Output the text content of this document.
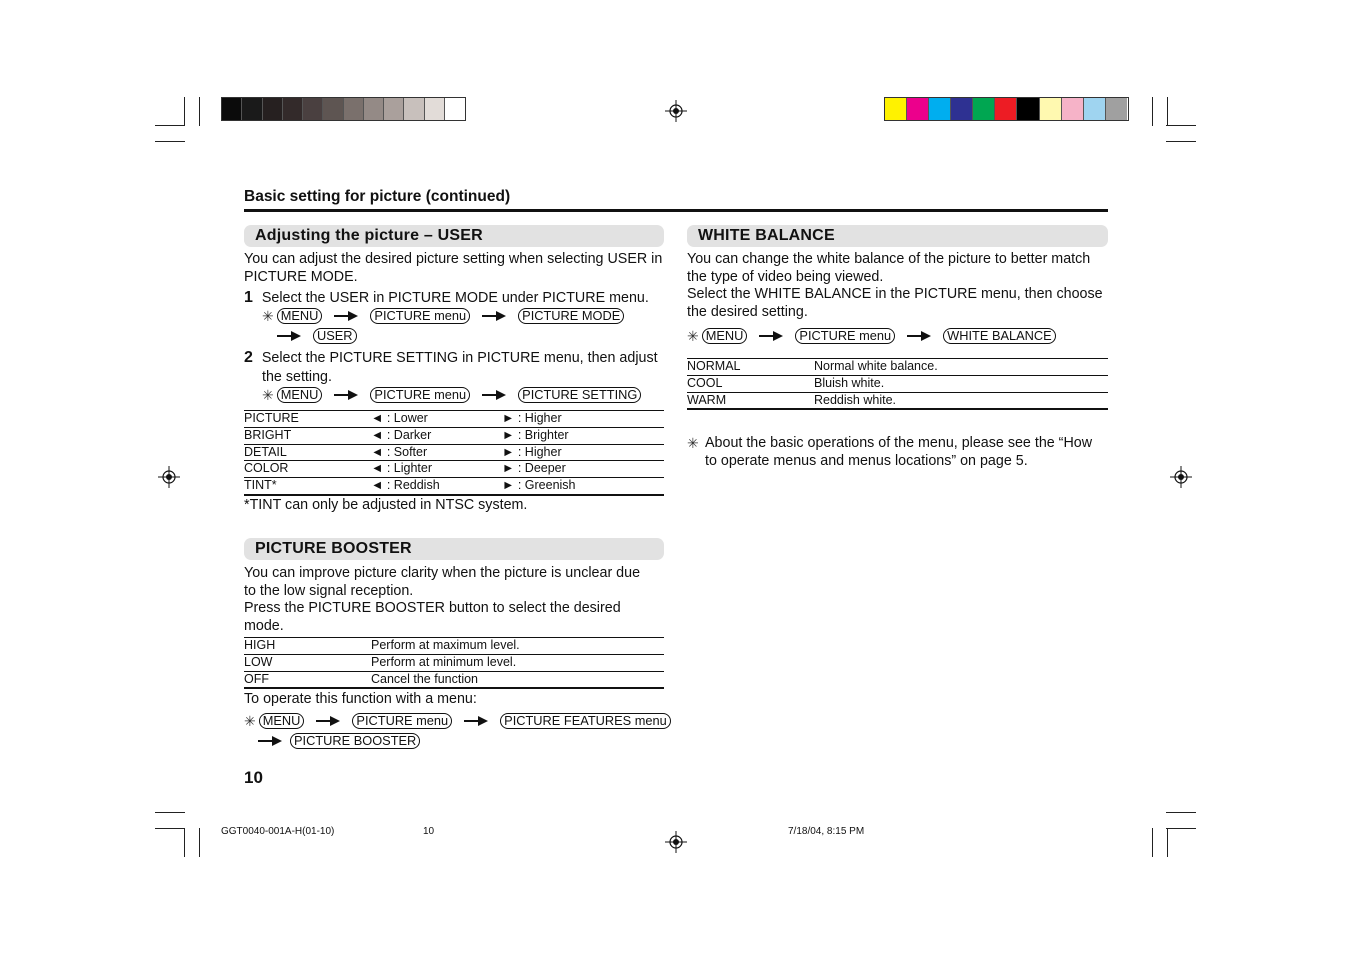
Basic setting for picture (continued)
Adjusting the picture – USER
You can adjust the desired picture setting when selecting USER in PICTURE MODE.
1 Select the USER in PICTURE MODE under PICTURE menu.
✳ MENU	PICTURE menu	PICTURE MODE
USER
2 Select the PICTURE SETTING in PICTURE menu, then adjust
the setting.
✳ MENU	PICTURE menu	PICTURE SETTING
PICTURE	◄ : Lower	► : Higher
BRIGHT	◄ : Darker	► : Brighter
DETAIL	◄ : Softer	► : Higher
COLOR	◄ : Lighter	► : Deeper
TINT*	◄ : Reddish	► : Greenish
*TINT can only be adjusted in NTSC system.
PICTURE BOOSTER
You can improve picture clarity when the picture is unclear due
to the low signal reception.
Press the PICTURE BOOSTER button to select the desired
mode.
HIGH	Perform at maximum level.
LOW	Perform at minimum level.
OFF	Cancel the function
To operate this function with a menu:
✳ MENU	PICTURE menu	PICTURE FEATURES menu
PICTURE BOOSTER
10
WHITE BALANCE
You can change the white balance of the picture to better match
the type of video being viewed.
Select the WHITE BALANCE in the PICTURE menu, then choose
the desired setting.
✳ MENU	PICTURE menu	WHITE BALANCE
NORMAL	Normal white balance.
COOL	Bluish white.
WARM	Reddish white.
✳ About the basic operations of the menu, please see the “How
to operate menus and menus locations” on page 5.
GGT0040-001A-H(01-10)	10	7/18/04, 8:15 PM
